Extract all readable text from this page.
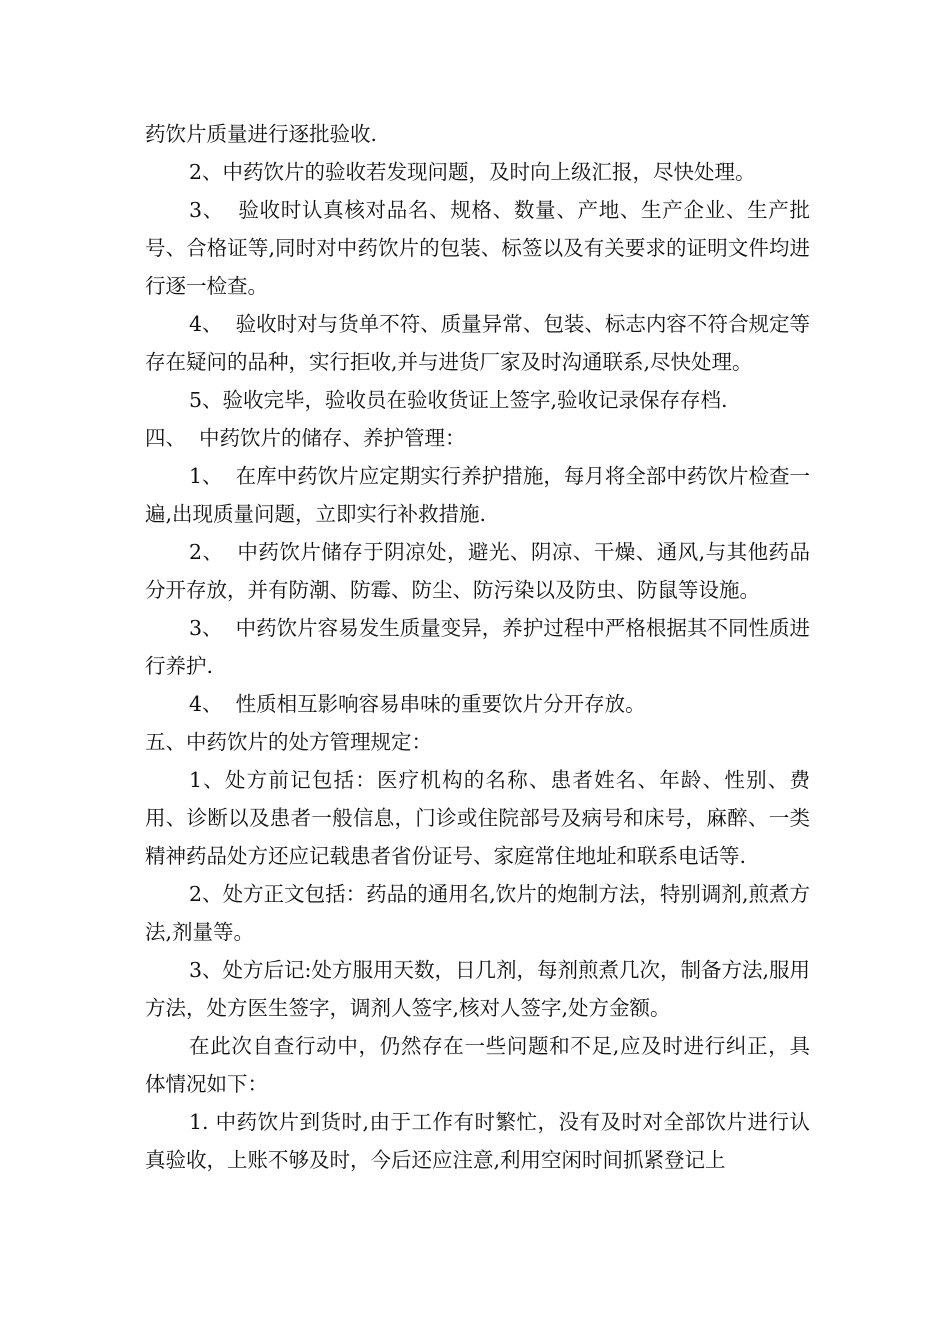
药饮片质量进行逐批验收.

2、中药饮片的验收若发现问题，及时向上级汇报，尽快处理。

3、  验收时认真核对品名、规格、数量、产地、生产企业、生产批号、合格证等,同时对中药饮片的包装、标签以及有关要求的证明文件均进行逐一检查。

4、  验收时对与货单不符、质量异常、包装、标志内容不符合规定等存在疑问的品种，实行拒收,并与进货厂家及时沟通联系,尽快处理。

5、验收完毕，验收员在验收货证上签字,验收记录保存存档.

四、  中药饮片的储存、养护管理：

1、  在库中药饮片应定期实行养护措施，每月将全部中药饮片检查一遍,出现质量问题，立即实行补救措施.

2、  中药饮片储存于阴凉处，避光、阴凉、干燥、通风,与其他药品分开存放，并有防潮、防霉、防尘、防污染以及防虫、防鼠等设施。

3、  中药饮片容易发生质量变异，养护过程中严格根据其不同性质进行养护.

4、  性质相互影响容易串味的重要饮片分开存放。

五、中药饮片的处方管理规定：

1、处方前记包括：医疗机构的名称、患者姓名、年龄、性别、费用、诊断以及患者一般信息，门诊或住院部号及病号和床号，麻醉、一类精神药品处方还应记载患者省份证号、家庭常住地址和联系电话等.

2、处方正文包括：药品的通用名,饮片的炮制方法，特别调剂,煎煮方法,剂量等。

3、处方后记:处方服用天数，日几剂，每剂煎煮几次，制备方法,服用方法，处方医生签字，调剂人签字,核对人签字,处方金额。

在此次自查行动中，仍然存在一些问题和不足,应及时进行纠正，具体情况如下：

1. 中药饮片到货时,由于工作有时繁忙，没有及时对全部饮片进行认真验收，上账不够及时，今后还应注意,利用空闲时间抓紧登记上
